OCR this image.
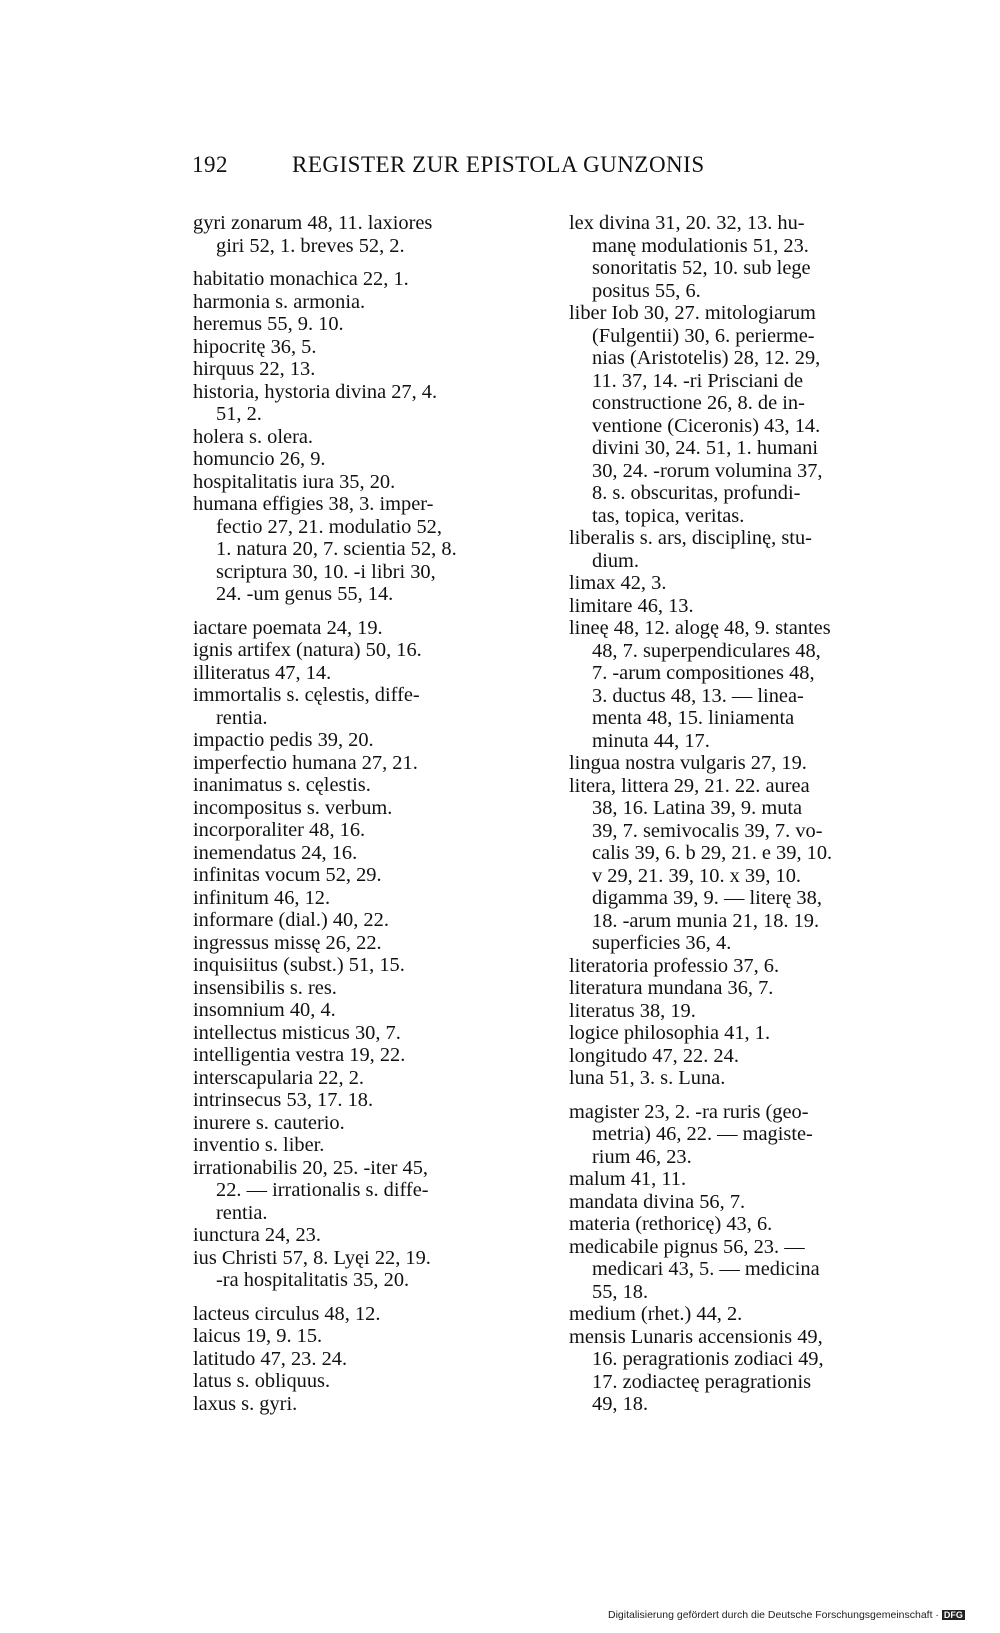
192	REGISTER ZUR EPISTOLA GUNZONIS
gyri zonarum 48, 11. laxiores
giri 52, 1. breves 52, 2.
habitatio monachica 22, 1.
harmonia s. armonia.
heremus 55, 9. 10.
hipocritę 36, 5.
hirquus 22, 13.
historia, hystoria divina 27, 4.
51, 2.
holera s. olera.
homuncio 26, 9.
hospitalitatis iura 35, 20.
humana effigies 38, 3. imper-
fectio 27, 21. modulatio 52,
1. natura 20, 7. scientia 52, 8.
scriptura 30, 10. -i libri 30,
24. -um genus 55, 14.
iactare poemata 24, 19.
ignis artifex (natura) 50, 16.
illiteratus 47, 14.
immortalis s. cęlestis, diffe-
rentia.
impactio pedis 39, 20.
imperfectio humana 27, 21.
inanimatus s. cęlestis.
incompositus s. verbum.
incorporaliter 48, 16.
inemendatus 24, 16.
infinitas vocum 52, 29.
infinitum 46, 12.
informare (dial.) 40, 22.
ingressus missę 26, 22.
inquisiitus (subst.) 51, 15.
insensibilis s. res.
insomnium 40, 4.
intellectus misticus 30, 7.
intelligentia vestra 19, 22.
interscapularia 22, 2.
intrinsecus 53, 17. 18.
inurere s. cauterio.
inventio s. liber.
irrationabilis 20, 25. -iter 45,
22. — irrationalis s. diffe-
rentia.
iunctura 24, 23.
ius Christi 57, 8. Lyęi 22, 19.
-ra hospitalitatis 35, 20.
lacteus circulus 48, 12.
laicus 19, 9. 15.
latitudo 47, 23. 24.
latus s. obliquus.
laxus s. gyri.
lex divina 31, 20. 32, 13. hu-
manę modulationis 51, 23.
sonoritatis 52, 10. sub lege
positus 55, 6.
liber Iob 30, 27. mitologiarum
(Fulgentii) 30, 6. perierme-
nias (Aristotelis) 28, 12. 29,
11. 37, 14. -ri Prisciani de
constructione 26, 8. de in-
ventione (Ciceronis) 43, 14.
divini 30, 24. 51, 1. humani
30, 24. -rorum volumina 37,
8. s. obscuritas, profundi-
tas, topica, veritas.
liberalis s. ars, disciplinę, stu-
dium.
limax 42, 3.
limitare 46, 13.
lineę 48, 12. alogę 48, 9. stantes
48, 7. superpendiculares 48,
7. -arum compositiones 48,
3. ductus 48, 13. — linea-
menta 48, 15. liniamenta
minuta 44, 17.
lingua nostra vulgaris 27, 19.
litera, littera 29, 21. 22. aurea
38, 16. Latina 39, 9. muta
39, 7. semivocalis 39, 7. vo-
calis 39, 6. b 29, 21. e 39, 10.
v 29, 21. 39, 10. x 39, 10.
digamma 39, 9. — literę 38,
18. -arum munia 21, 18. 19.
superficies 36, 4.
literatoria professio 37, 6.
literatura mundana 36, 7.
literatus 38, 19.
logice philosophia 41, 1.
longitudo 47, 22. 24.
luna 51, 3. s. Luna.
magister 23, 2. -ra ruris (geo-
metria) 46, 22. — magiste-
rium 46, 23.
malum 41, 11.
mandata divina 56, 7.
materia (rethoricę) 43, 6.
medicabile pignus 56, 23. —
medicari 43, 5. — medicina
55, 18.
medium (rhet.) 44, 2.
mensis Lunaris accensionis 49,
16. peragrationis zodiaci 49,
17. zodiacteę peragrationis
49, 18.
Digitalisierung gefördert durch die Deutsche Forschungsgemeinschaft · DFG
